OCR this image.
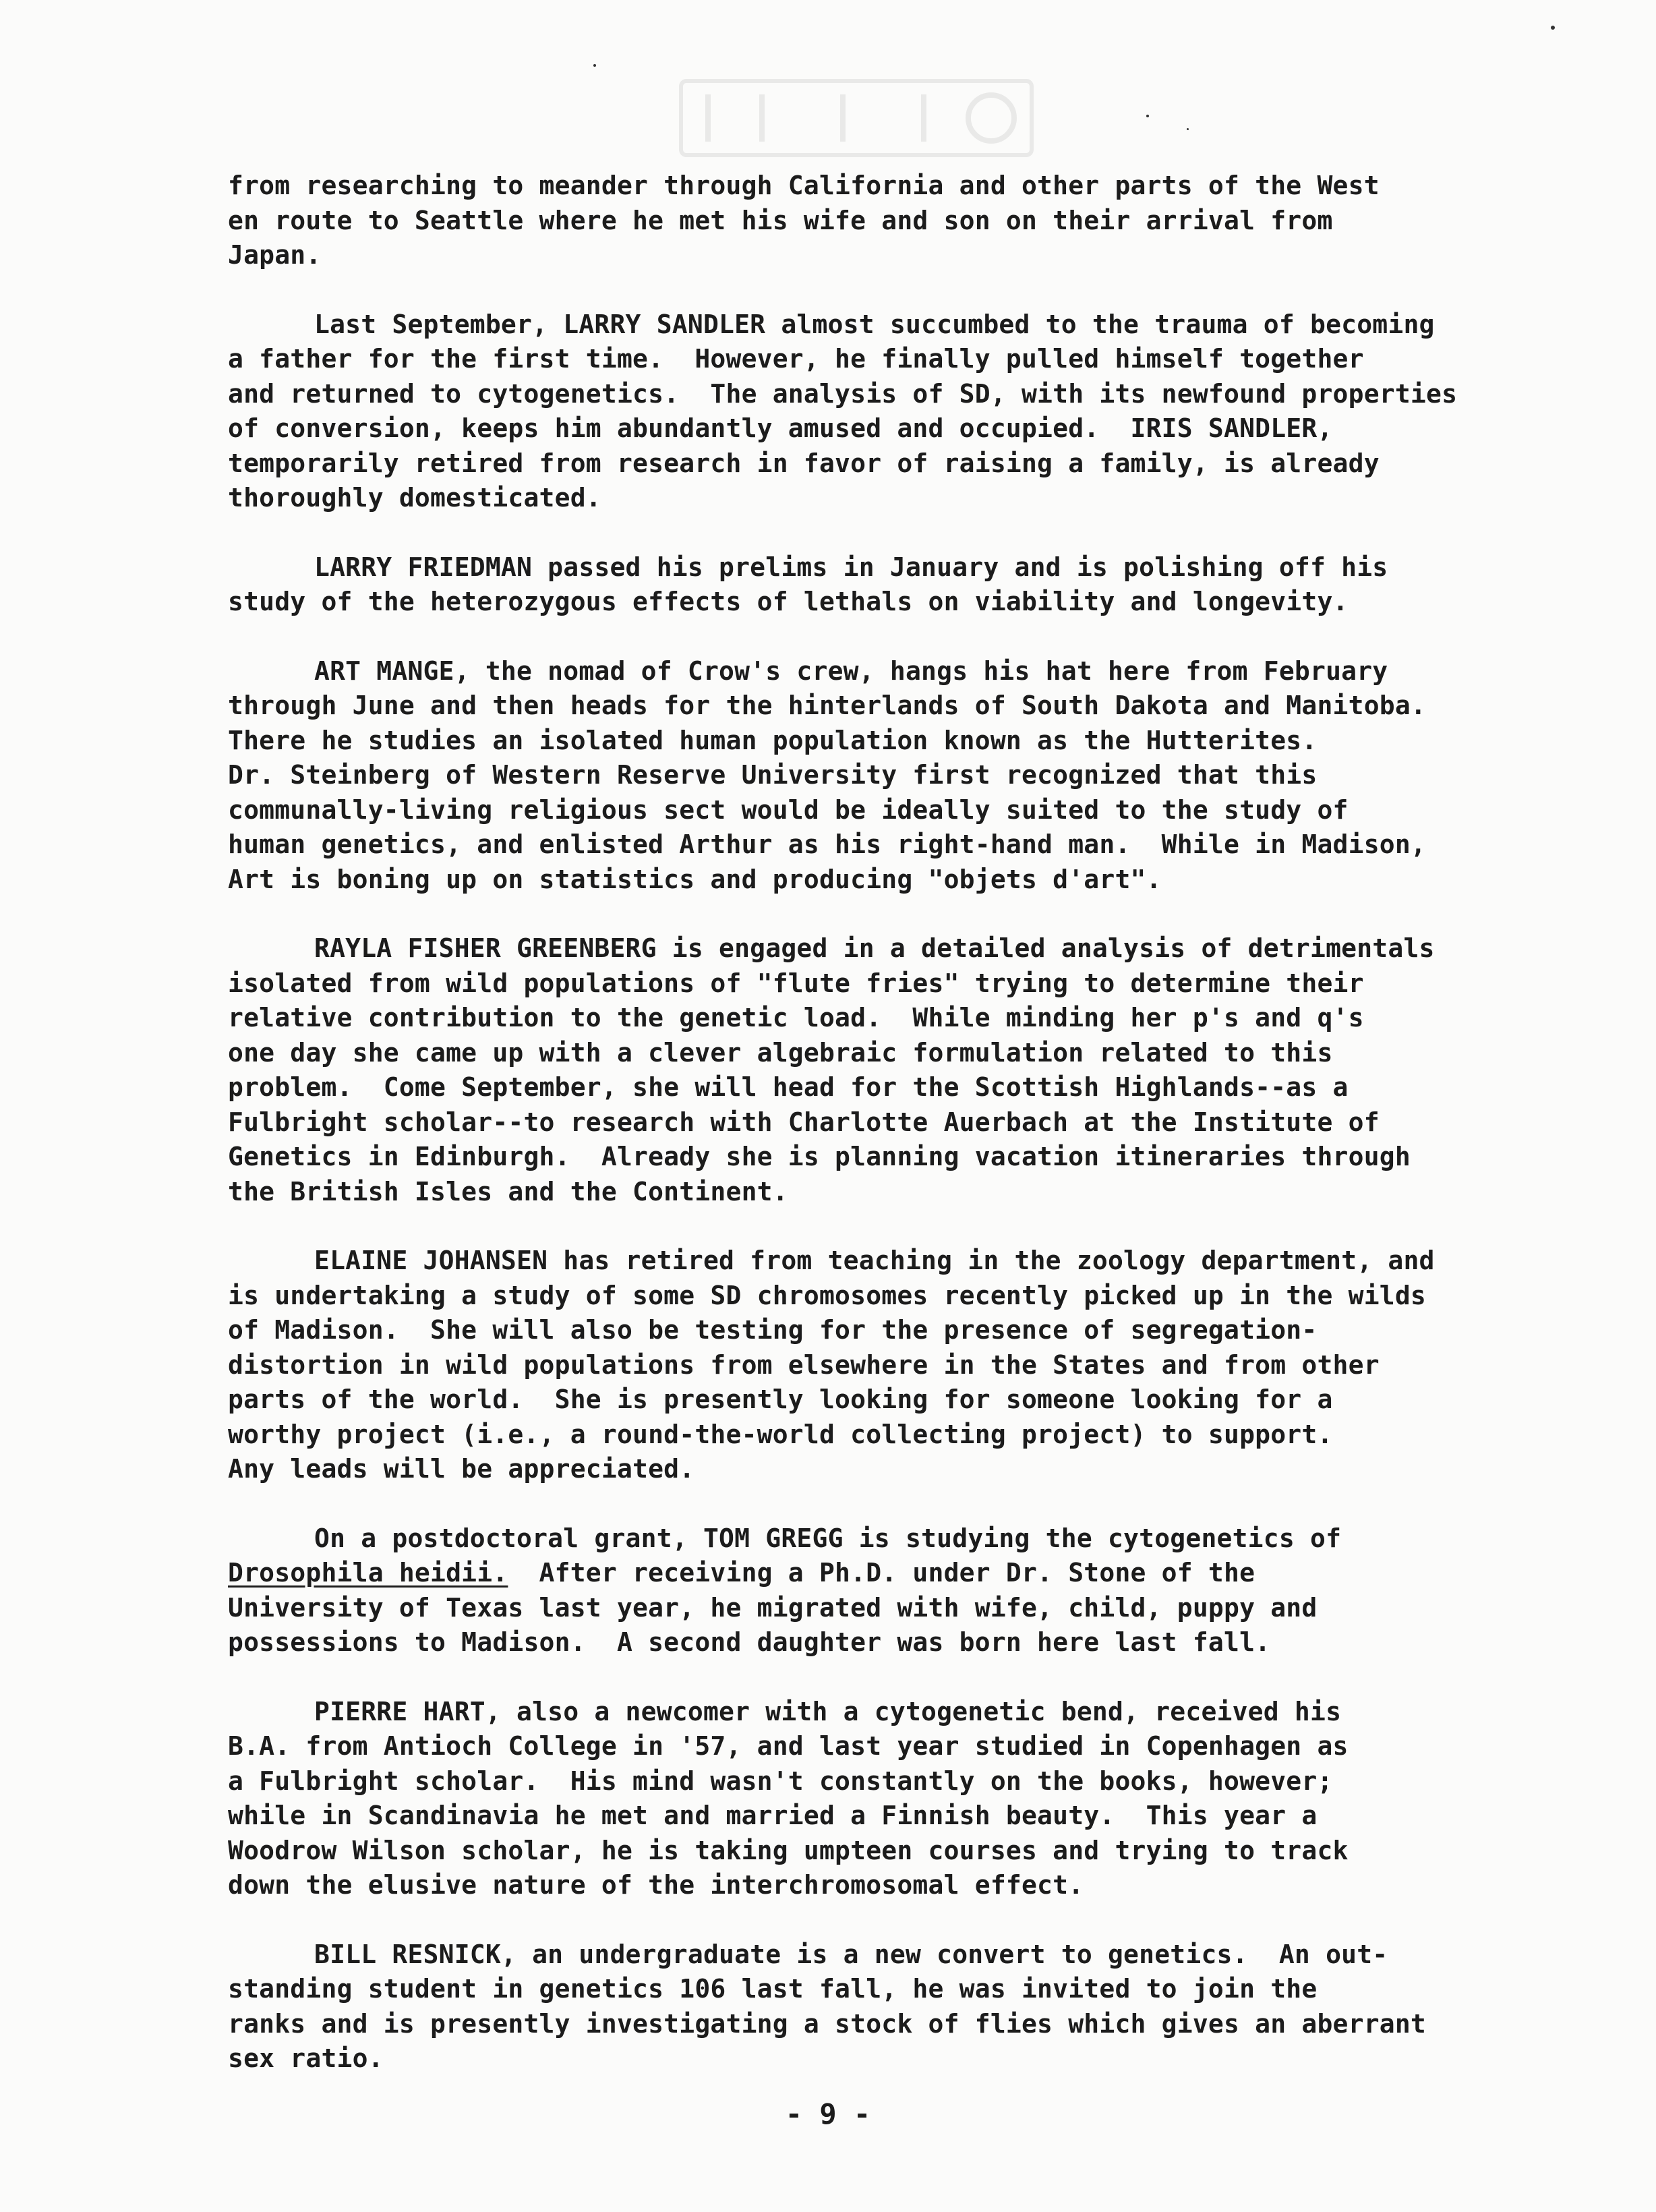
from researching to meander through California and other parts of the West
en route to Seattle where he met his wife and son on their arrival from
Japan.
Last September, LARRY SANDLER almost succumbed to the trauma of becoming
a father for the first time.  However, he finally pulled himself together
and returned to cytogenetics.  The analysis of SD, with its newfound properties
of conversion, keeps him abundantly amused and occupied.  IRIS SANDLER,
temporarily retired from research in favor of raising a family, is already
thoroughly domesticated.
LARRY FRIEDMAN passed his prelims in January and is polishing off his
study of the heterozygous effects of lethals on viability and longevity.
ART MANGE, the nomad of Crow's crew, hangs his hat here from February
through June and then heads for the hinterlands of South Dakota and Manitoba.
There he studies an isolated human population known as the Hutterites.
Dr. Steinberg of Western Reserve University first recognized that this
communally-living religious sect would be ideally suited to the study of
human genetics, and enlisted Arthur as his right-hand man.  While in Madison,
Art is boning up on statistics and producing "objets d'art".
RAYLA FISHER GREENBERG is engaged in a detailed analysis of detrimentals
isolated from wild populations of "flute fries" trying to determine their
relative contribution to the genetic load.  While minding her p's and q's
one day she came up with a clever algebraic formulation related to this
problem.  Come September, she will head for the Scottish Highlands--as a
Fulbright scholar--to research with Charlotte Auerbach at the Institute of
Genetics in Edinburgh.  Already she is planning vacation itineraries through
the British Isles and the Continent.
ELAINE JOHANSEN has retired from teaching in the zoology department, and
is undertaking a study of some SD chromosomes recently picked up in the wilds
of Madison.  She will also be testing for the presence of segregation-
distortion in wild populations from elsewhere in the States and from other
parts of the world.  She is presently looking for someone looking for a
worthy project (i.e., a round-the-world collecting project) to support.
Any leads will be appreciated.
On a postdoctoral grant, TOM GREGG is studying the cytogenetics of
Drosophila heidii.  After receiving a Ph.D. under Dr. Stone of the
University of Texas last year, he migrated with wife, child, puppy and
possessions to Madison.  A second daughter was born here last fall.
PIERRE HART, also a newcomer with a cytogenetic bend, received his
B.A. from Antioch College in '57, and last year studied in Copenhagen as
a Fulbright scholar.  His mind wasn't constantly on the books, however;
while in Scandinavia he met and married a Finnish beauty.  This year a
Woodrow Wilson scholar, he is taking umpteen courses and trying to track
down the elusive nature of the interchromosomal effect.
BILL RESNICK, an undergraduate is a new convert to genetics.  An out-
standing student in genetics 106 last fall, he was invited to join the
ranks and is presently investigating a stock of flies which gives an aberrant
sex ratio.
- 9 -
